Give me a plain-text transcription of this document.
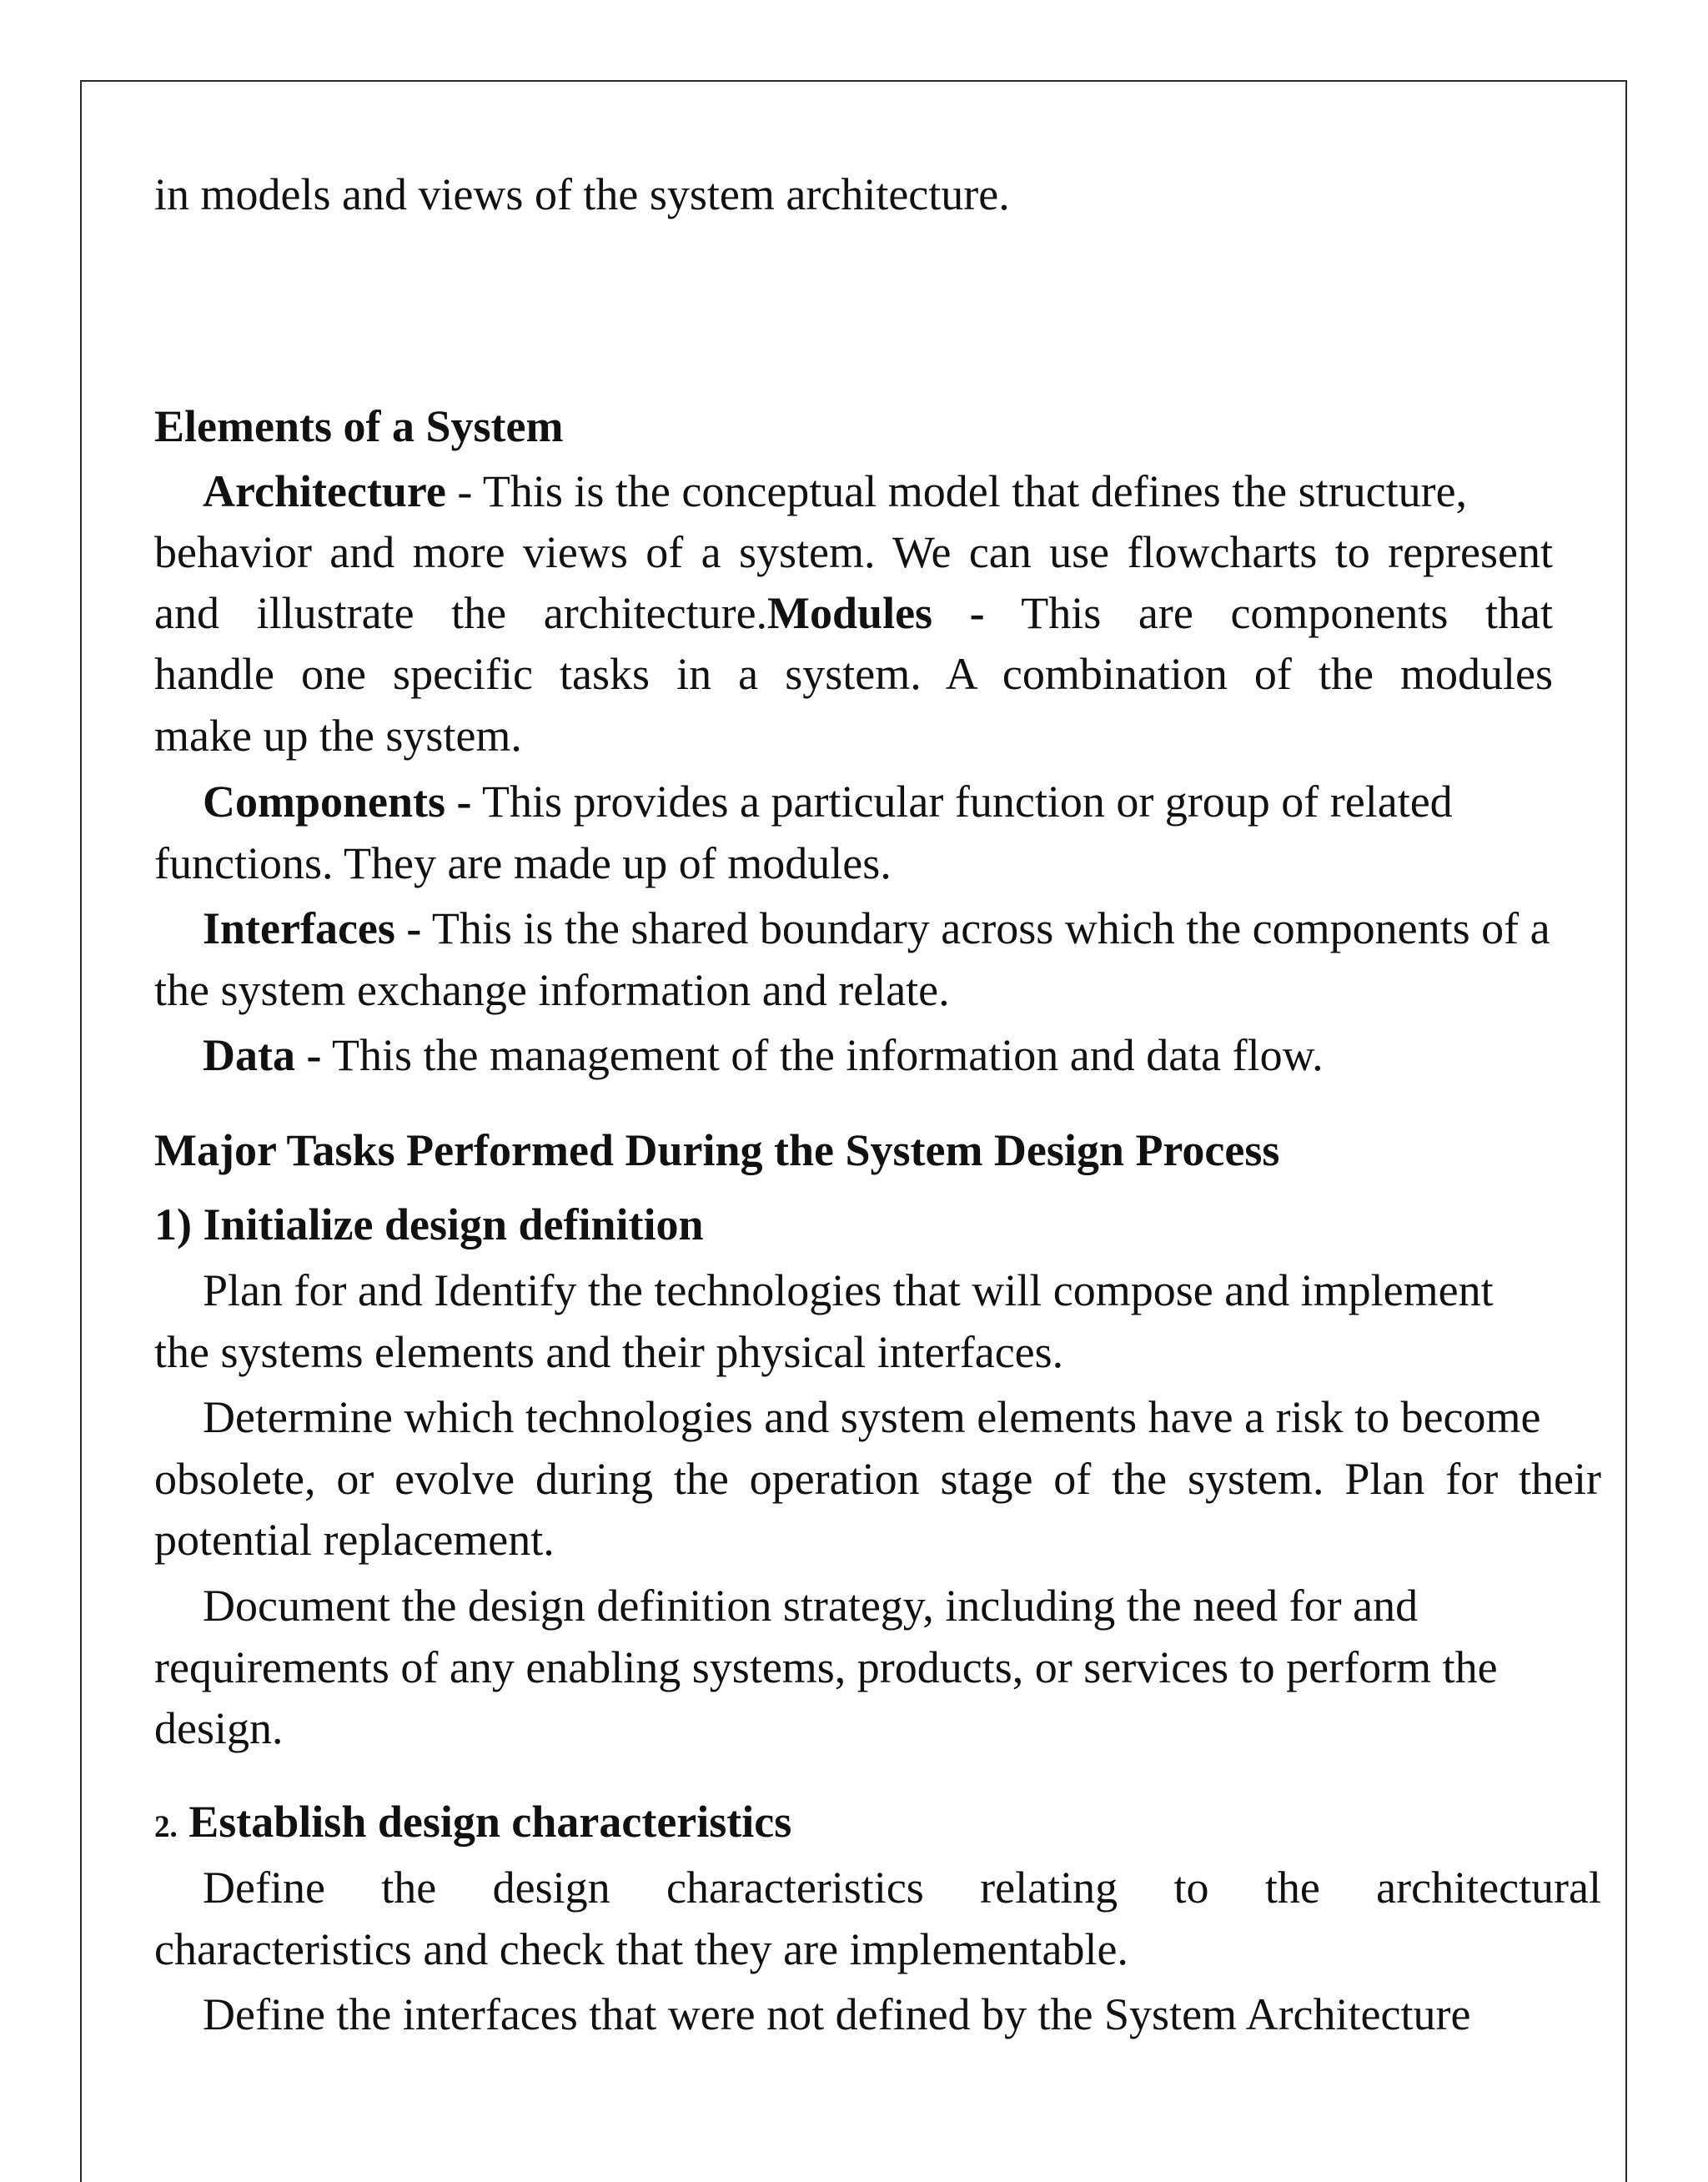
in models and views of the system architecture.
Elements of a System
Architecture - This is the conceptual model that defines the structure,
behavior and more views of a system. We can use flowcharts to represent
and illustrate the architecture.Modules - This are components that
handle one specific tasks in a system. A combination of the modules
make up the system.
Components - This provides a particular function or group of related
functions. They are made up of modules.
Interfaces - This is the shared boundary across which the components of a
the system exchange information and relate.
Data - This the management of the information and data flow.
Major Tasks Performed During the System Design Process
1) Initialize design definition
Plan for and Identify the technologies that will compose and implement
the systems elements and their physical interfaces.
Determine which technologies and system elements have a risk to become
obsolete, or evolve during the operation stage of the system. Plan for their
potential replacement.
Document the design definition strategy, including the need for and
requirements of any enabling systems, products, or services to perform the
design.
2. Establish design characteristics
Define the design characteristics relating to the architectural
characteristics and check that they are implementable.
Define the interfaces that were not defined by the System Architecture
